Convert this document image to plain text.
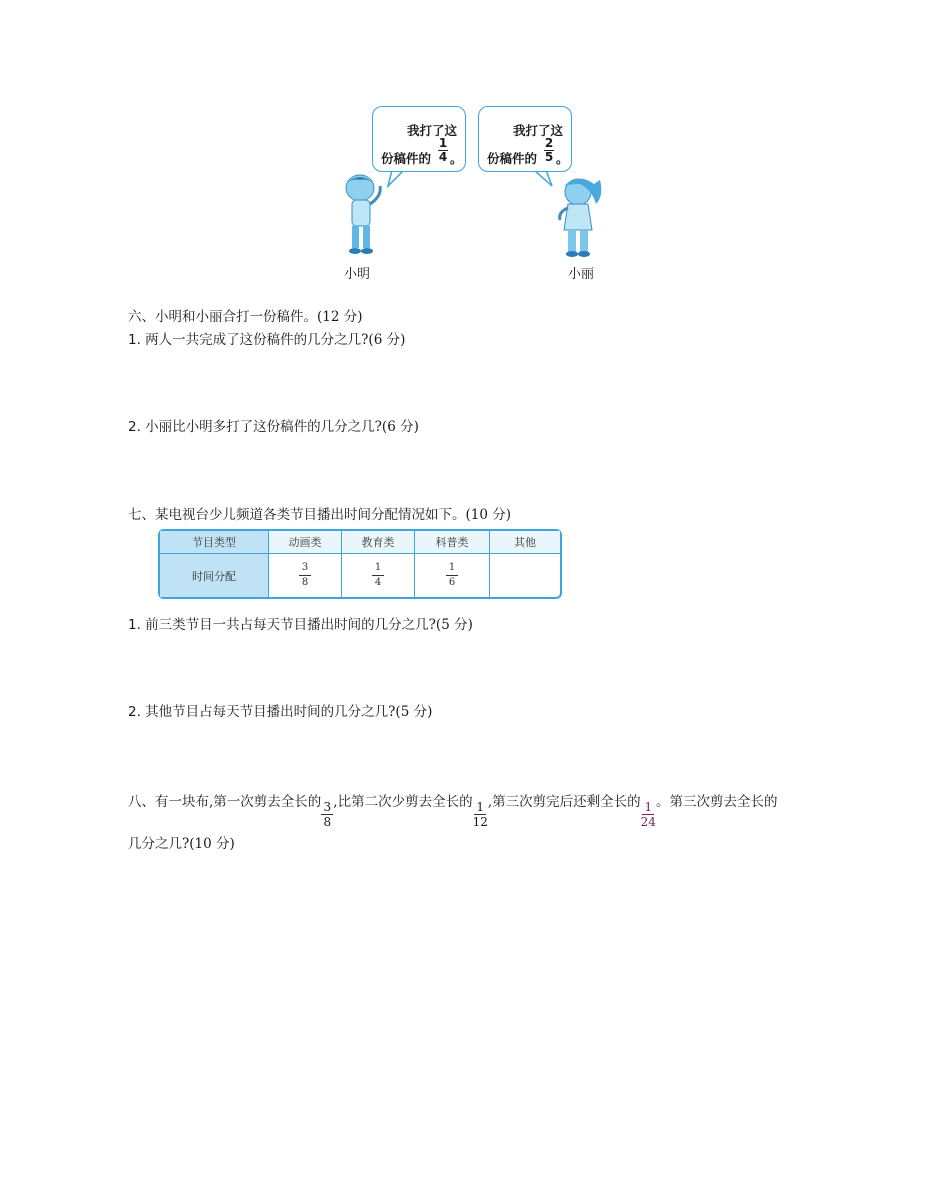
我打了这
份稿件的
1
4 。
我打了这
份稿件的
2
5 。
小明	小丽
六、小明和小丽合打一份稿件。(12 分)
1. 两人一共完成了这份稿件的几分之几?(6 分)
2. 小丽比小明多打了这份稿件的几分之几?(6 分)
七、某电视台少儿频道各类节目播出时间分配情况如下。(10 分)
节目类型	动画类	教育类	科普类	其他
时间分配	$\frac{3}{8}$	$\frac{1}{4}$	$\frac{1}{6}$	
1. 前三类节目一共占每天节目播出时间的几分之几?(5 分)
2. 其他节目占每天节目播出时间的几分之几?(5 分)
八、有一块布,第一次剪去全长的$\frac{3}{8}$,比第二次少剪去全长的$\frac{1}{12}$,第三次剪完后还剩全长的$\frac{1}{24}$。第三次剪去全长的
几分之几?(10 分)
